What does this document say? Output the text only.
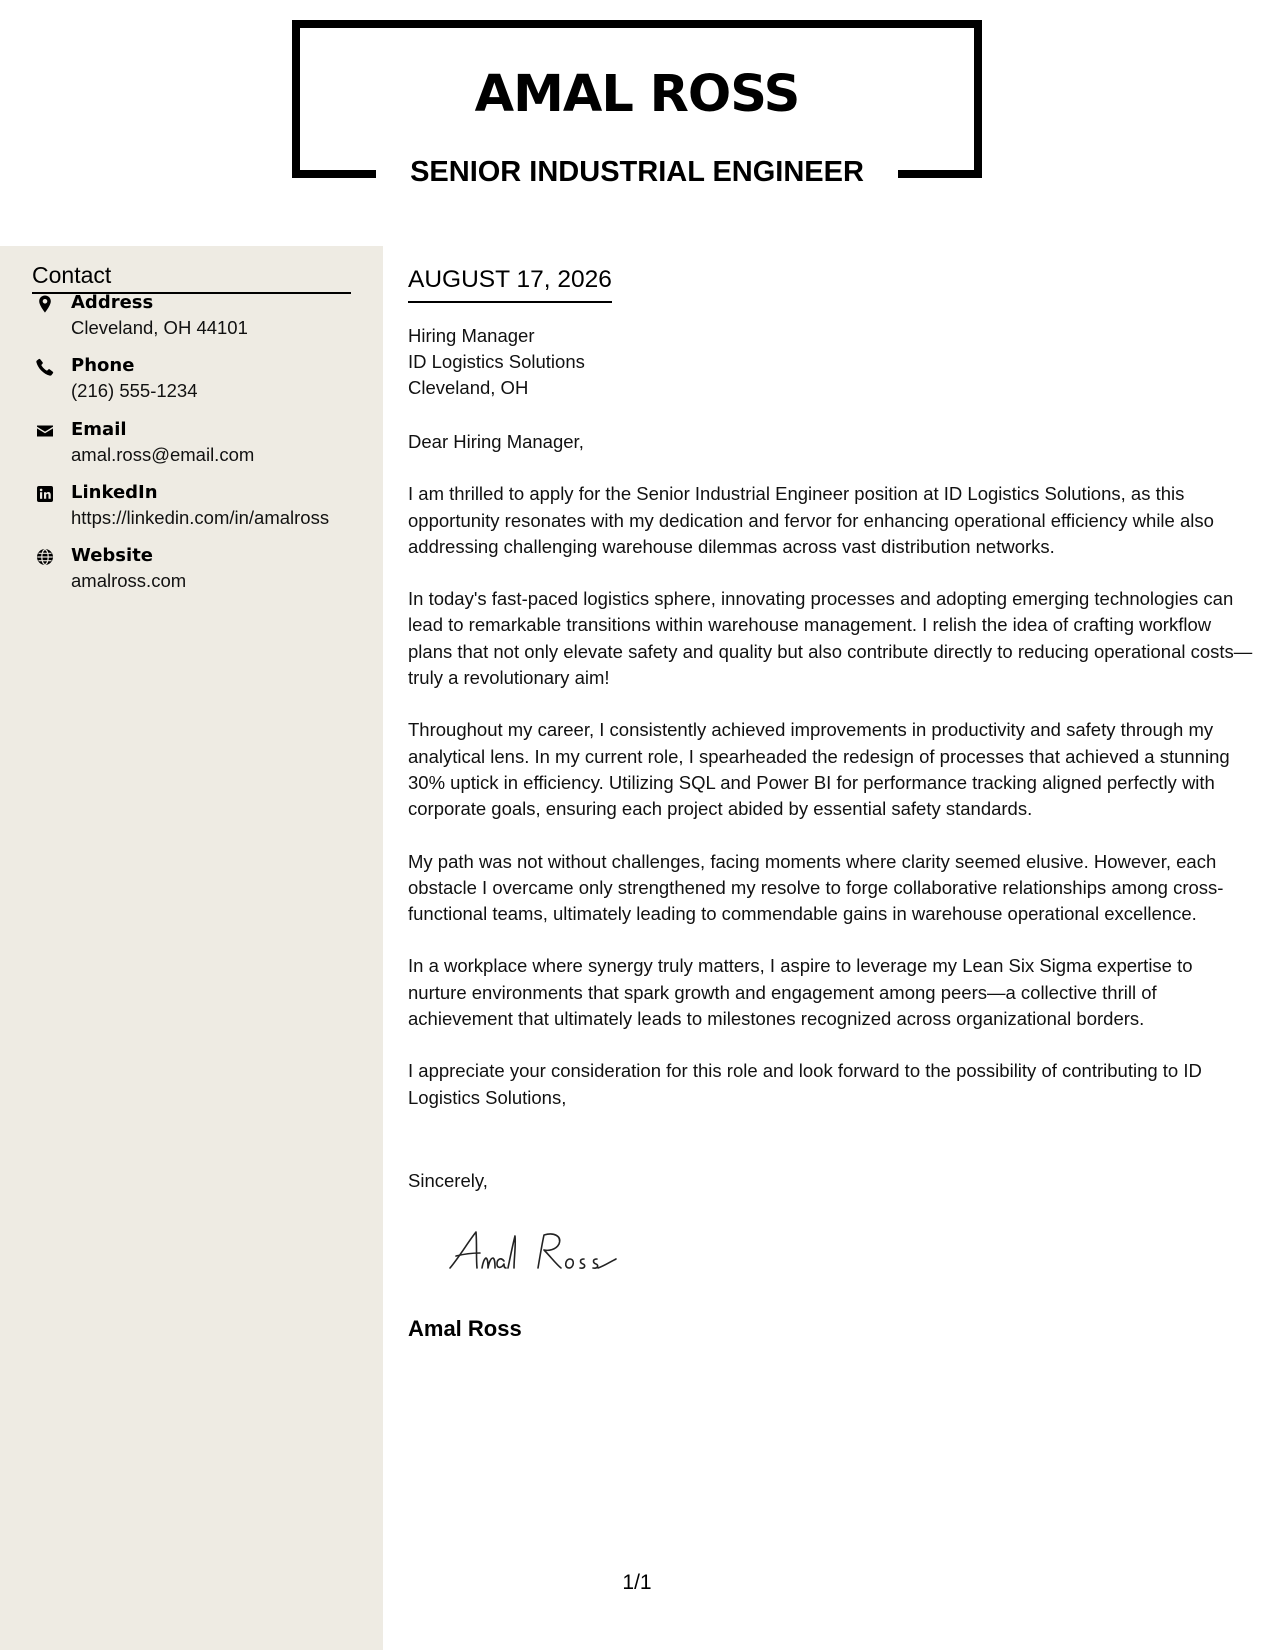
AMAL ROSS
SENIOR INDUSTRIAL ENGINEER
Contact
Address
Cleveland, OH 44101
Phone
(216) 555-1234
Email
amal.ross@email.com
LinkedIn
https://linkedin.com/in/amalross
Website
amalross.com
AUGUST 17, 2026
Hiring Manager
ID Logistics Solutions
Cleveland, OH

Dear Hiring Manager,

I am thrilled to apply for the Senior Industrial Engineer position at ID Logistics Solutions, as this opportunity resonates with my dedication and fervor for enhancing operational efficiency while also addressing challenging warehouse dilemmas across vast distribution networks.

In today's fast-paced logistics sphere, innovating processes and adopting emerging technologies can lead to remarkable transitions within warehouse management. I relish the idea of crafting workflow plans that not only elevate safety and quality but also contribute directly to reducing operational costs—truly a revolutionary aim!

Throughout my career, I consistently achieved improvements in productivity and safety through my analytical lens. In my current role, I spearheaded the redesign of processes that achieved a stunning 30% uptick in efficiency. Utilizing SQL and Power BI for performance tracking aligned perfectly with corporate goals, ensuring each project abided by essential safety standards.

My path was not without challenges, facing moments where clarity seemed elusive. However, each obstacle I overcame only strengthened my resolve to forge collaborative relationships among cross-functional teams, ultimately leading to commendable gains in warehouse operational excellence.

In a workplace where synergy truly matters, I aspire to leverage my Lean Six Sigma expertise to nurture environments that spark growth and engagement among peers—a collective thrill of achievement that ultimately leads to milestones recognized across organizational borders.

I appreciate your consideration for this role and look forward to the possibility of contributing to ID Logistics Solutions,

Sincerely,
Amal Ross
1/1
